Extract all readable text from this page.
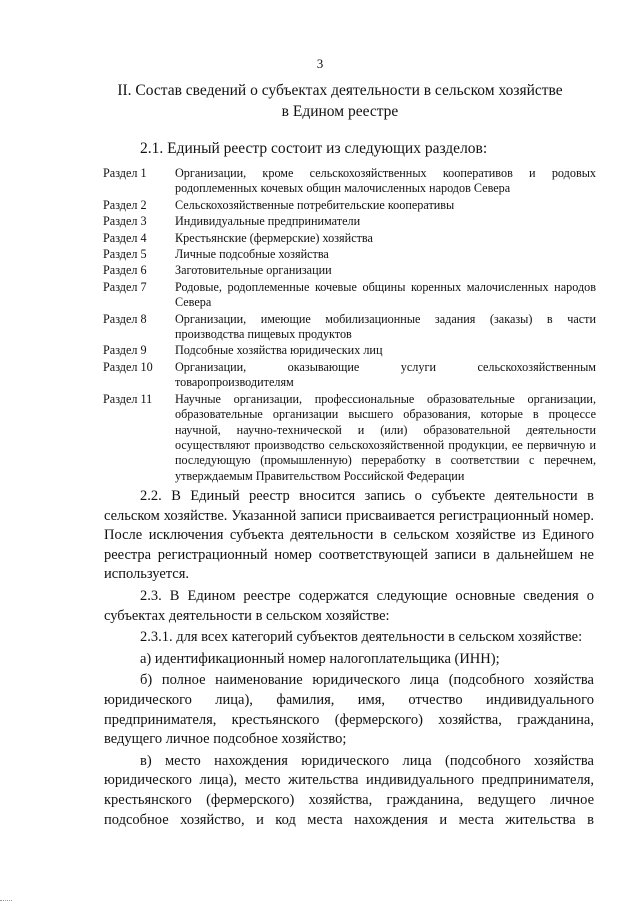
3
II. Состав сведений о субъектах деятельности в сельском хозяйстве
в Едином реестре
2.1. Единый реестр состоит из следующих разделов:
Раздел 1	Организации, кроме сельскохозяйственных кооперативов и родовых родоплеменных кочевых общин малочисленных народов Севера
Раздел 2	Сельскохозяйственные потребительские кооперативы
Раздел 3	Индивидуальные предприниматели
Раздел 4	Крестьянские (фермерские) хозяйства
Раздел 5	Личные подсобные хозяйства
Раздел 6	Заготовительные организации
Раздел 7	Родовые, родоплеменные кочевые общины коренных малочисленных народов Севера
Раздел 8	Организации, имеющие мобилизационные задания (заказы) в части производства пищевых продуктов
Раздел 9	Подсобные хозяйства юридических лиц
Раздел 10	Организации, оказывающие услуги сельскохозяйственным товаропроизводителям
Раздел 11	Научные организации, профессиональные образовательные организации, образовательные организации высшего образования, которые в процессе научной, научно-технической и (или) образовательной деятельности осуществляют производство сельскохозяйственной продукции, ее первичную и последующую (промышленную) переработку в соответствии с перечнем, утверждаемым Правительством Российской Федерации

2.2. В Единый реестр вносится запись о субъекте деятельности в сельском хозяйстве. Указанной записи присваивается регистрационный номер. После исключения субъекта деятельности в сельском хозяйстве из Единого реестра регистрационный номер соответствующей записи в дальнейшем не используется.

2.3. В Едином реестре содержатся следующие основные сведения о субъектах деятельности в сельском хозяйстве:

2.3.1. для всех категорий субъектов деятельности в сельском хозяйстве:

а) идентификационный номер налогоплательщика (ИНН);

б) полное наименование юридического лица (подсобного хозяйства юридического лица), фамилия, имя, отчество индивидуального предпринимателя, крестьянского (фермерского) хозяйства, гражданина, ведущего личное подсобное хозяйство;

в) место нахождения юридического лица (подсобного хозяйства юридического лица), место жительства индивидуального предпринимателя, крестьянского (фермерского) хозяйства, гражданина, ведущего личное подсобное хозяйство, и код места нахождения и места жительства в
